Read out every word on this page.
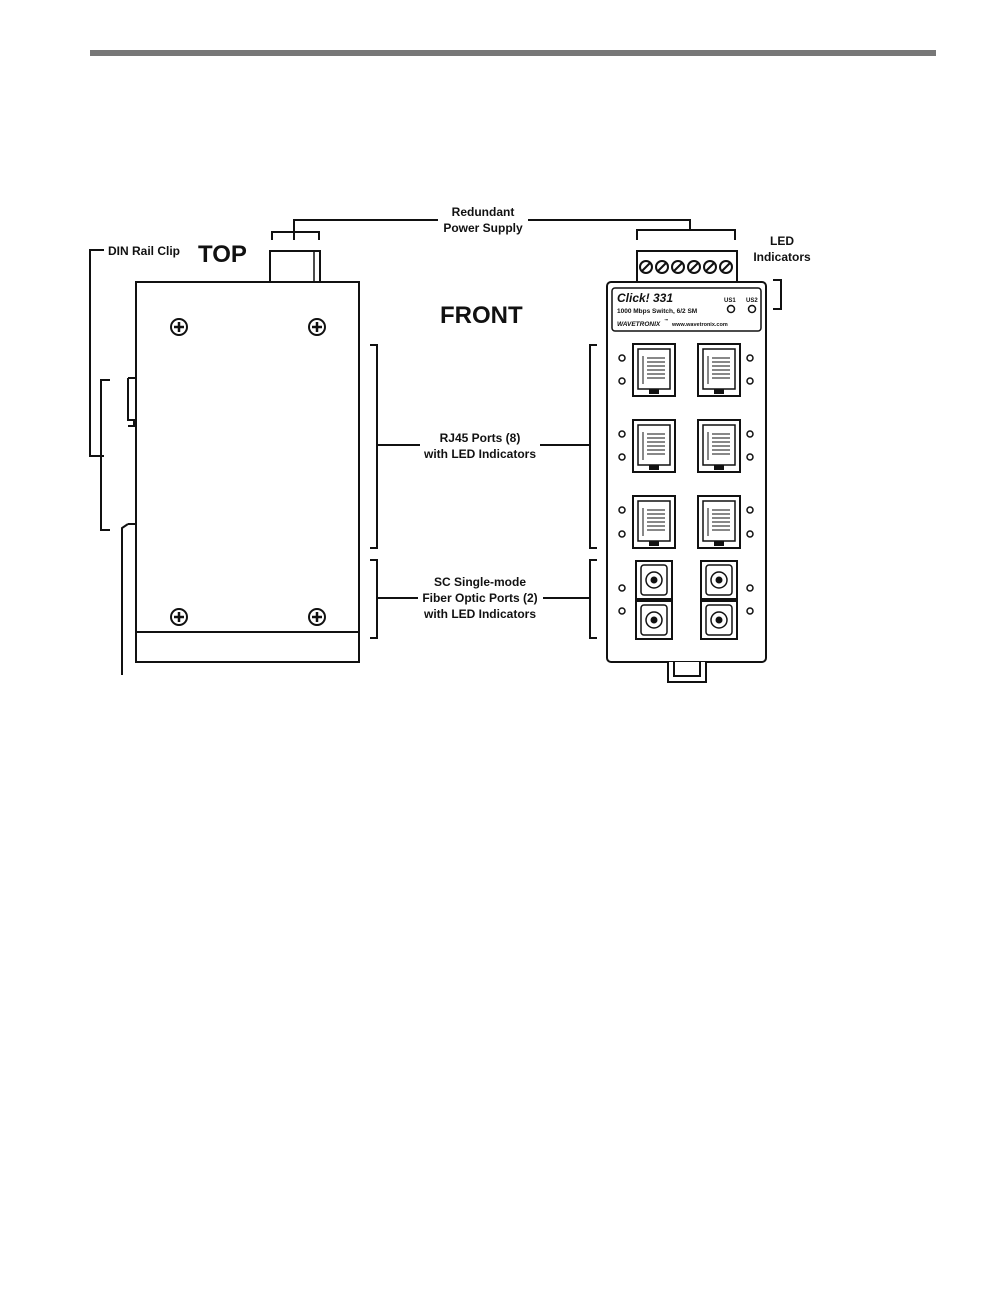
Click! 331
1000 Mbps Switch, 6/2 SM
WAVETRONIX
™
www.wavetronix.com
US1 US2
DIN Rail Clip TOP
FRONT
Redundant
Power Supply
LED
Indicators
RJ45 Ports (8)
with LED Indicators
SC Single-mode
Fiber Optic Ports (2)
with LED Indicators
